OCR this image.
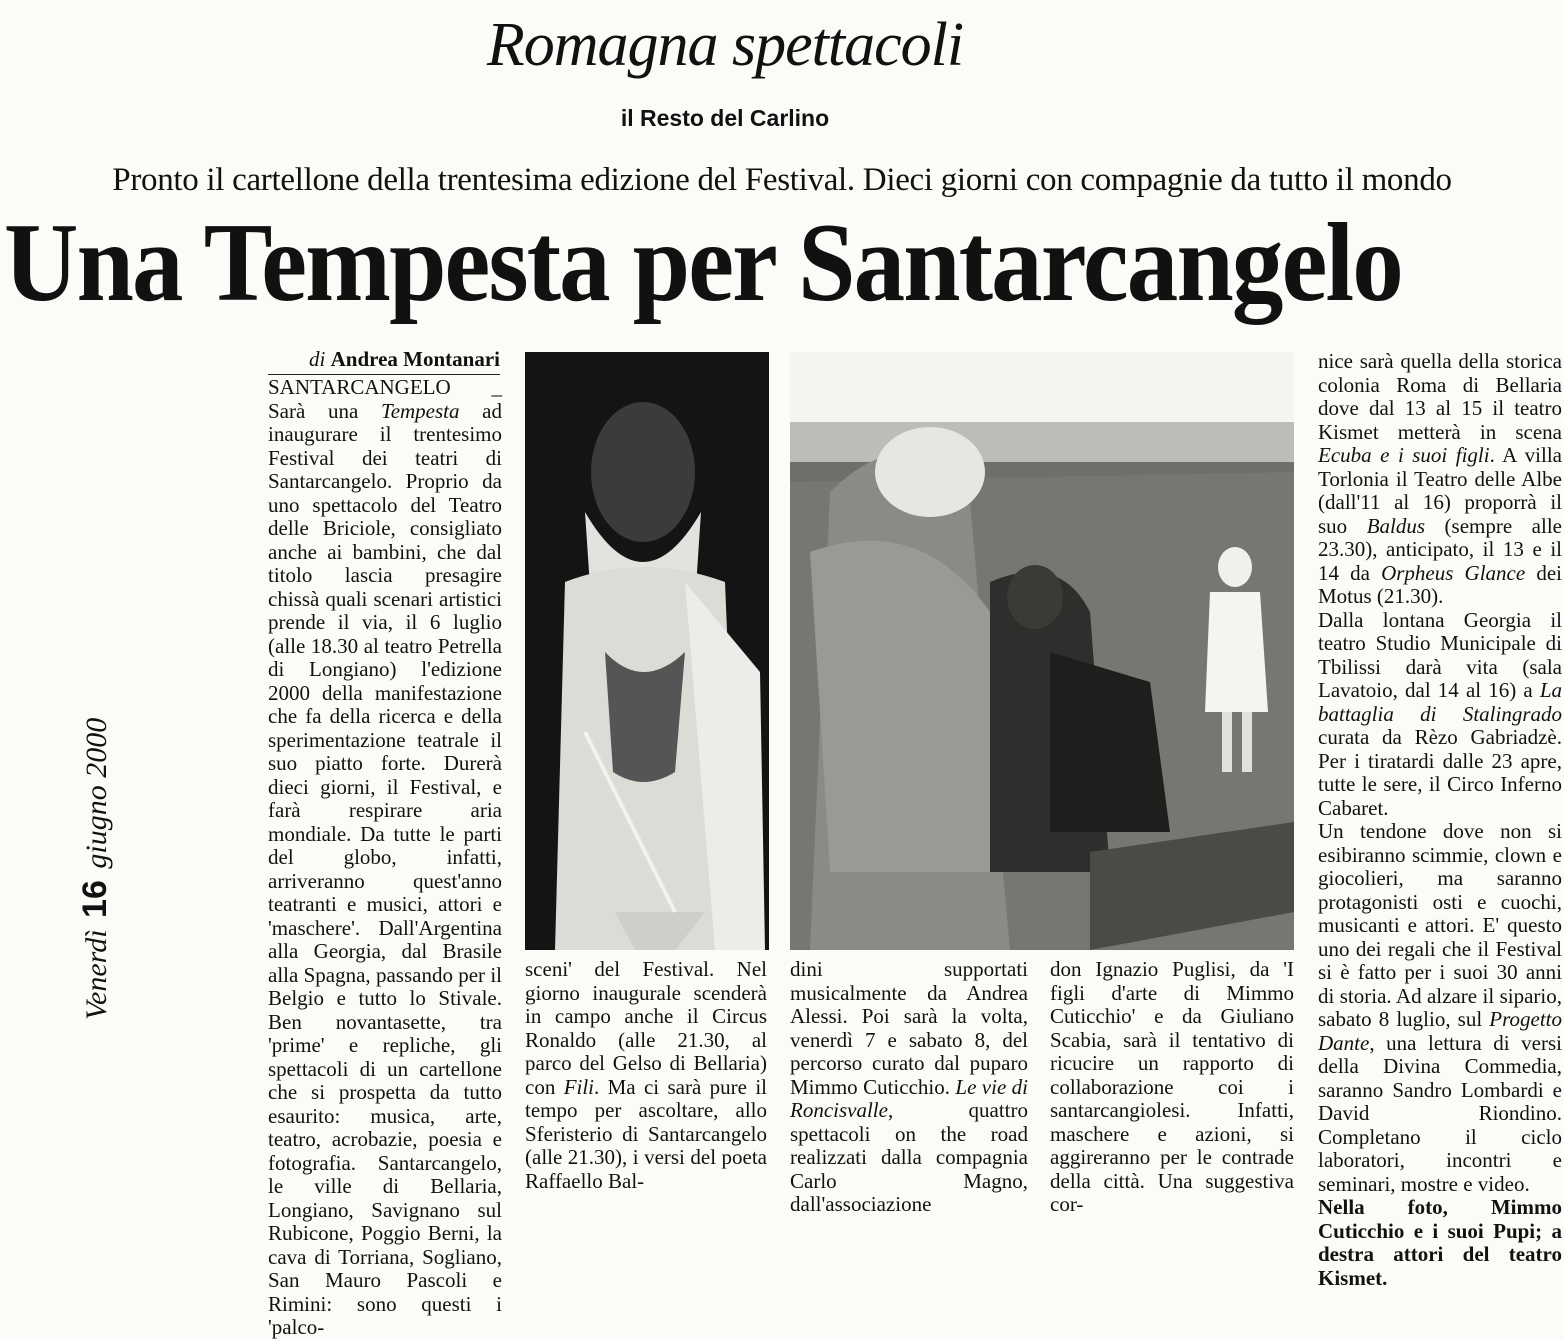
Romagna spettacoli
il Resto del Carlino
Pronto il cartellone della trentesima edizione del Festival. Dieci giorni con compagnie da tutto il mondo
Una Tempesta per Santarcangelo
Venerdì 16 giugno 2000
di Andrea Montanari

SANTARCANGELO _ Sarà una Tempesta ad inaugurare il trentesimo Festival dei teatri di Santarcangelo. Proprio da uno spettacolo del Teatro delle Briciole, consigliato anche ai bambini, che dal titolo lascia presagire chissà quali scenari artistici prende il via, il 6 luglio (alle 18.30 al teatro Petrella di Longiano) l'edizione 2000 della manifestazione che fa della ricerca e della sperimentazione teatrale il suo piatto forte. Durerà dieci giorni, il Festival, e farà respirare aria mondiale. Da tutte le parti del globo, infatti, arriveranno quest'anno teatranti e musici, attori e 'maschere'. Dall'Argentina alla Georgia, dal Brasile alla Spagna, passando per il Belgio e tutto lo Stivale. Ben novantasette, tra 'prime' e repliche, gli spettacoli di un cartellone che si prospetta da tutto esaurito: musica, arte, teatro, acrobazie, poesia e fotografia. Santarcangelo, le ville di Bellaria, Longiano, Savignano sul Rubicone, Poggio Berni, la cava di Torriana, Sogliano, San Mauro Pascoli e Rimini: sono questi i 'palco-

sceni' del Festival. Nel giorno inaugurale scenderà in campo anche il Circus Ronaldo (alle 21.30, al parco del Gelso di Bellaria) con Fili. Ma ci sarà pure il tempo per ascoltare, allo Sferisterio di Santarcangelo (alle 21.30), i versi del poeta Raffaello Bal-

dini supportati musicalmente da Andrea Alessi. Poi sarà la volta, venerdì 7 e sabato 8, del percorso curato dal puparo Mimmo Cuticchio. Le vie di Roncisvalle, quattro spettacoli on the road realizzati dalla compagnia Carlo Magno, dall'associazione

don Ignazio Puglisi, da 'I figli d'arte di Mimmo Cuticchio' e da Giuliano Scabia, sarà il tentativo di ricucire un rapporto di collaborazione coi i santarcangiolesi. Infatti, maschere e azioni, si aggireranno per le contrade della città. Una suggestiva cor-

nice sarà quella della storica colonia Roma di Bellaria dove dal 13 al 15 il teatro Kismet metterà in scena Ecuba e i suoi figli. A villa Torlonia il Teatro delle Albe (dall'11 al 16) proporrà il suo Baldus (sempre alle 23.30), anticipato, il 13 e il 14 da Orpheus Glance dei Motus (21.30).

Dalla lontana Georgia il teatro Studio Municipale di Tbilissi darà vita (sala Lavatoio, dal 14 al 16) a La battaglia di Stalingrado curata da Rèzo Gabriadzè. Per i tiratardi dalle 23 apre, tutte le sere, il Circo Inferno Cabaret.

Un tendone dove non si esibiranno scimmie, clown e giocolieri, ma saranno protagonisti osti e cuochi, musicanti e attori. E' questo uno dei regali che il Festival si è fatto per i suoi 30 anni di storia. Ad alzare il sipario, sabato 8 luglio, sul Progetto Dante, una lettura di versi della Divina Commedia, saranno Sandro Lombardi e David Riondino. Completano il ciclo laboratori, incontri e seminari, mostre e video.

Nella foto, Mimmo Cuticchio e i suoi Pupi; a destra attori del teatro Kismet.
